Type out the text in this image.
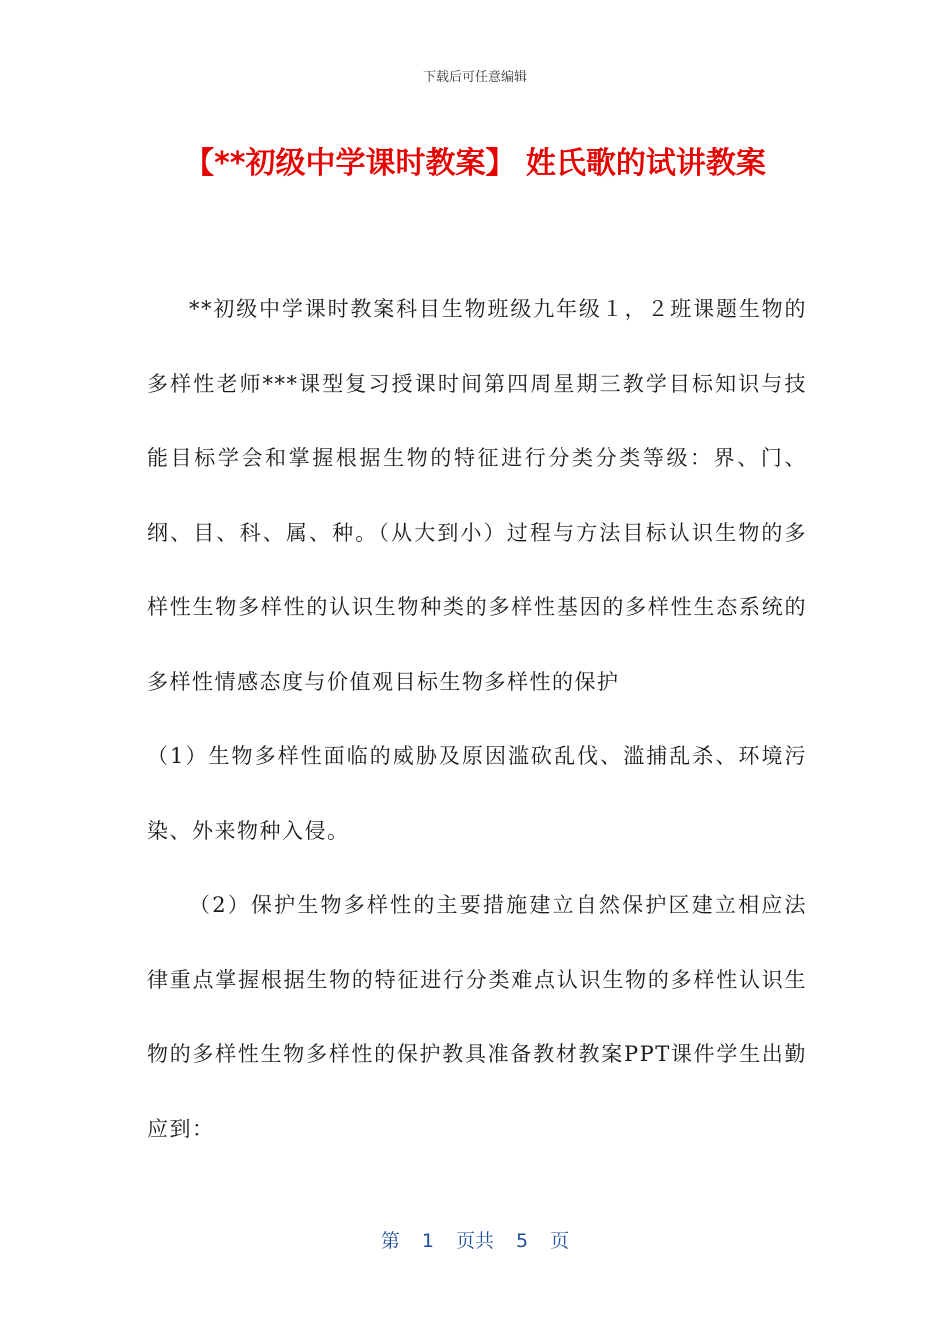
下载后可任意编辑
【**初级中学课时教案】 姓氏歌的试讲教案

**初级中学课时教案科目生物班级九年级１，２班课题生物的多样性老师***课型复习授课时间第四周星期三教学目标知识与技能目标学会和掌握根据生物的特征进行分类分类等级：界、门、纲、目、科、属、种。（从大到小）过程与方法目标认识生物的多样性生物多样性的认识生物种类的多样性基因的多样性生态系统的多样性情感态度与价值观目标生物多样性的保护

（1）生物多样性面临的威胁及原因滥砍乱伐、滥捕乱杀、环境污染、外来物种入侵。

（2）保护生物多样性的主要措施建立自然保护区建立相应法律重点掌握根据生物的特征进行分类难点认识生物的多样性认识生物的多样性生物多样性的保护教具准备教材教案PPT课件学生出勤应到：

第 1 页共 5 页
